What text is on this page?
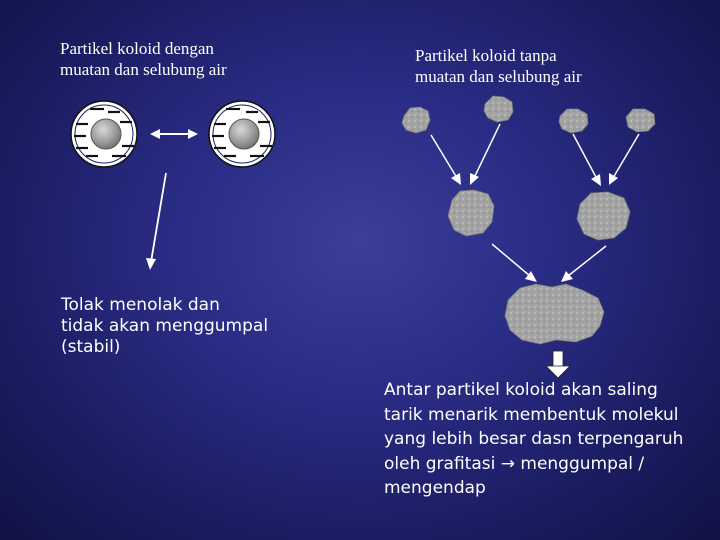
Partikel koloid dengan
muatan dan selubung air
Partikel koloid tanpa
muatan dan selubung air
Tolak menolak dan
tidak akan menggumpal
(stabil)
Antar partikel koloid akan saling
tarik menarik membentuk molekul
yang lebih besar dasn terpengaruh
oleh grafitasi → menggumpal /
mengendap
